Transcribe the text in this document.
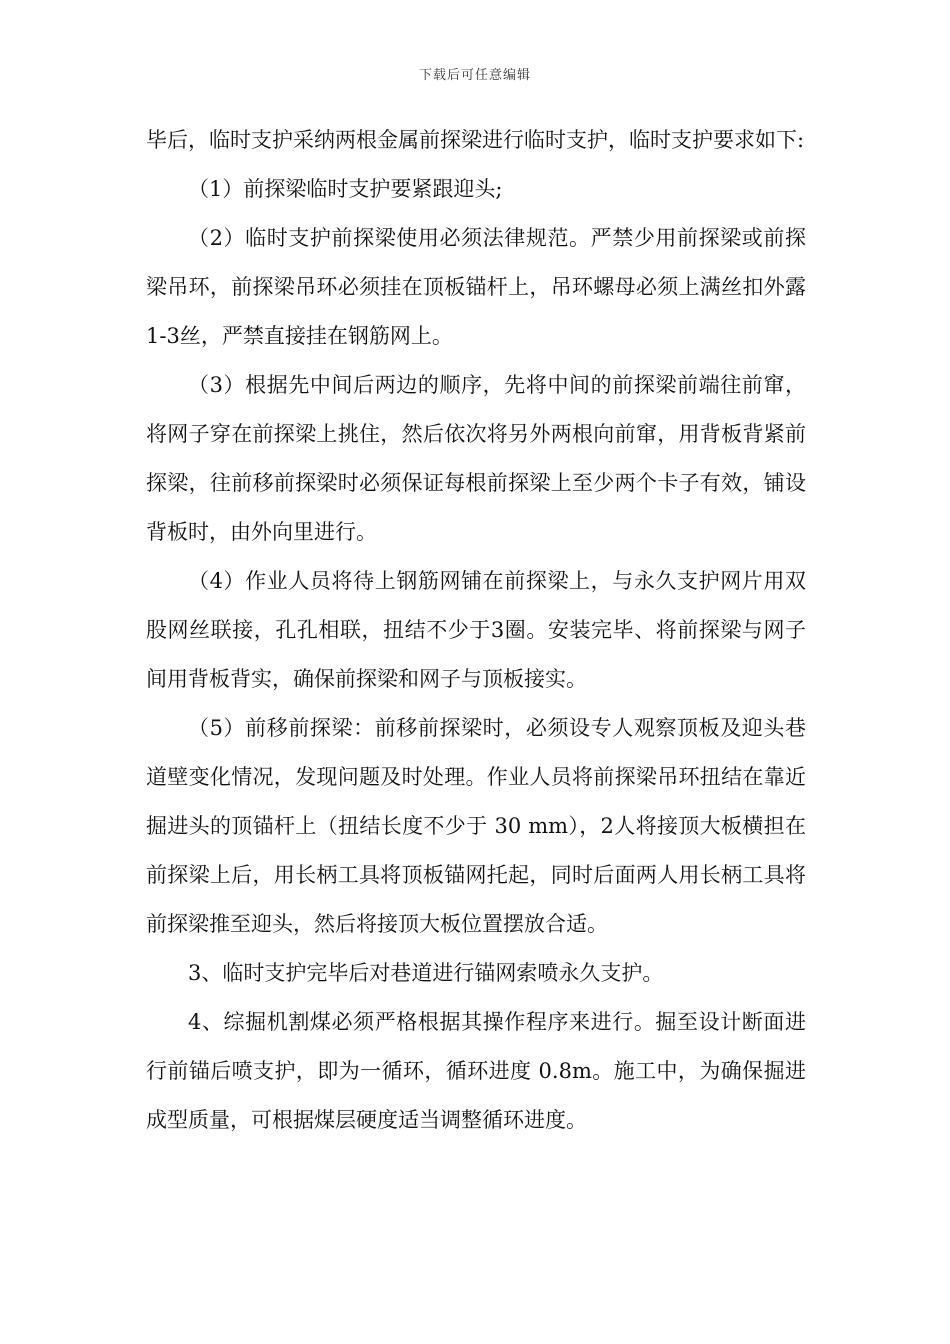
下载后可任意编辑

毕后，临时支护采纳两根金属前探梁进行临时支护，临时支护要求如下:

（1）前探梁临时支护要紧跟迎头;

（2）临时支护前探梁使用必须法律规范。严禁少用前探梁或前探梁吊环，前探梁吊环必须挂在顶板锚杆上，吊环螺母必须上满丝扣外露1-3丝，严禁直接挂在钢筋网上。

（3）根据先中间后两边的顺序，先将中间的前探梁前端往前窜，将网子穿在前探梁上挑住，然后依次将另外两根向前窜，用背板背紧前探梁，往前移前探梁时必须保证每根前探梁上至少两个卡子有效，铺设背板时，由外向里进行。

（4）作业人员将待上钢筋网铺在前探梁上，与永久支护网片用双股网丝联接，孔孔相联，扭结不少于3圈。安装完毕、将前探梁与网子间用背板背实，确保前探梁和网子与顶板接实。

（5）前移前探梁：前移前探梁时，必须设专人观察顶板及迎头巷道壁变化情况，发现问题及时处理。作业人员将前探梁吊环扭结在靠近掘进头的顶锚杆上（扭结长度不少于 30 mm），2人将接顶大板横担在前探梁上后，用长柄工具将顶板锚网托起，同时后面两人用长柄工具将前探梁推至迎头，然后将接顶大板位置摆放合适。

3、临时支护完毕后对巷道进行锚网索喷永久支护。

4、综掘机割煤必须严格根据其操作程序来进行。掘至设计断面进行前锚后喷支护，即为一循环，循环进度 0.8m。施工中，为确保掘进成型质量，可根据煤层硬度适当调整循环进度。
